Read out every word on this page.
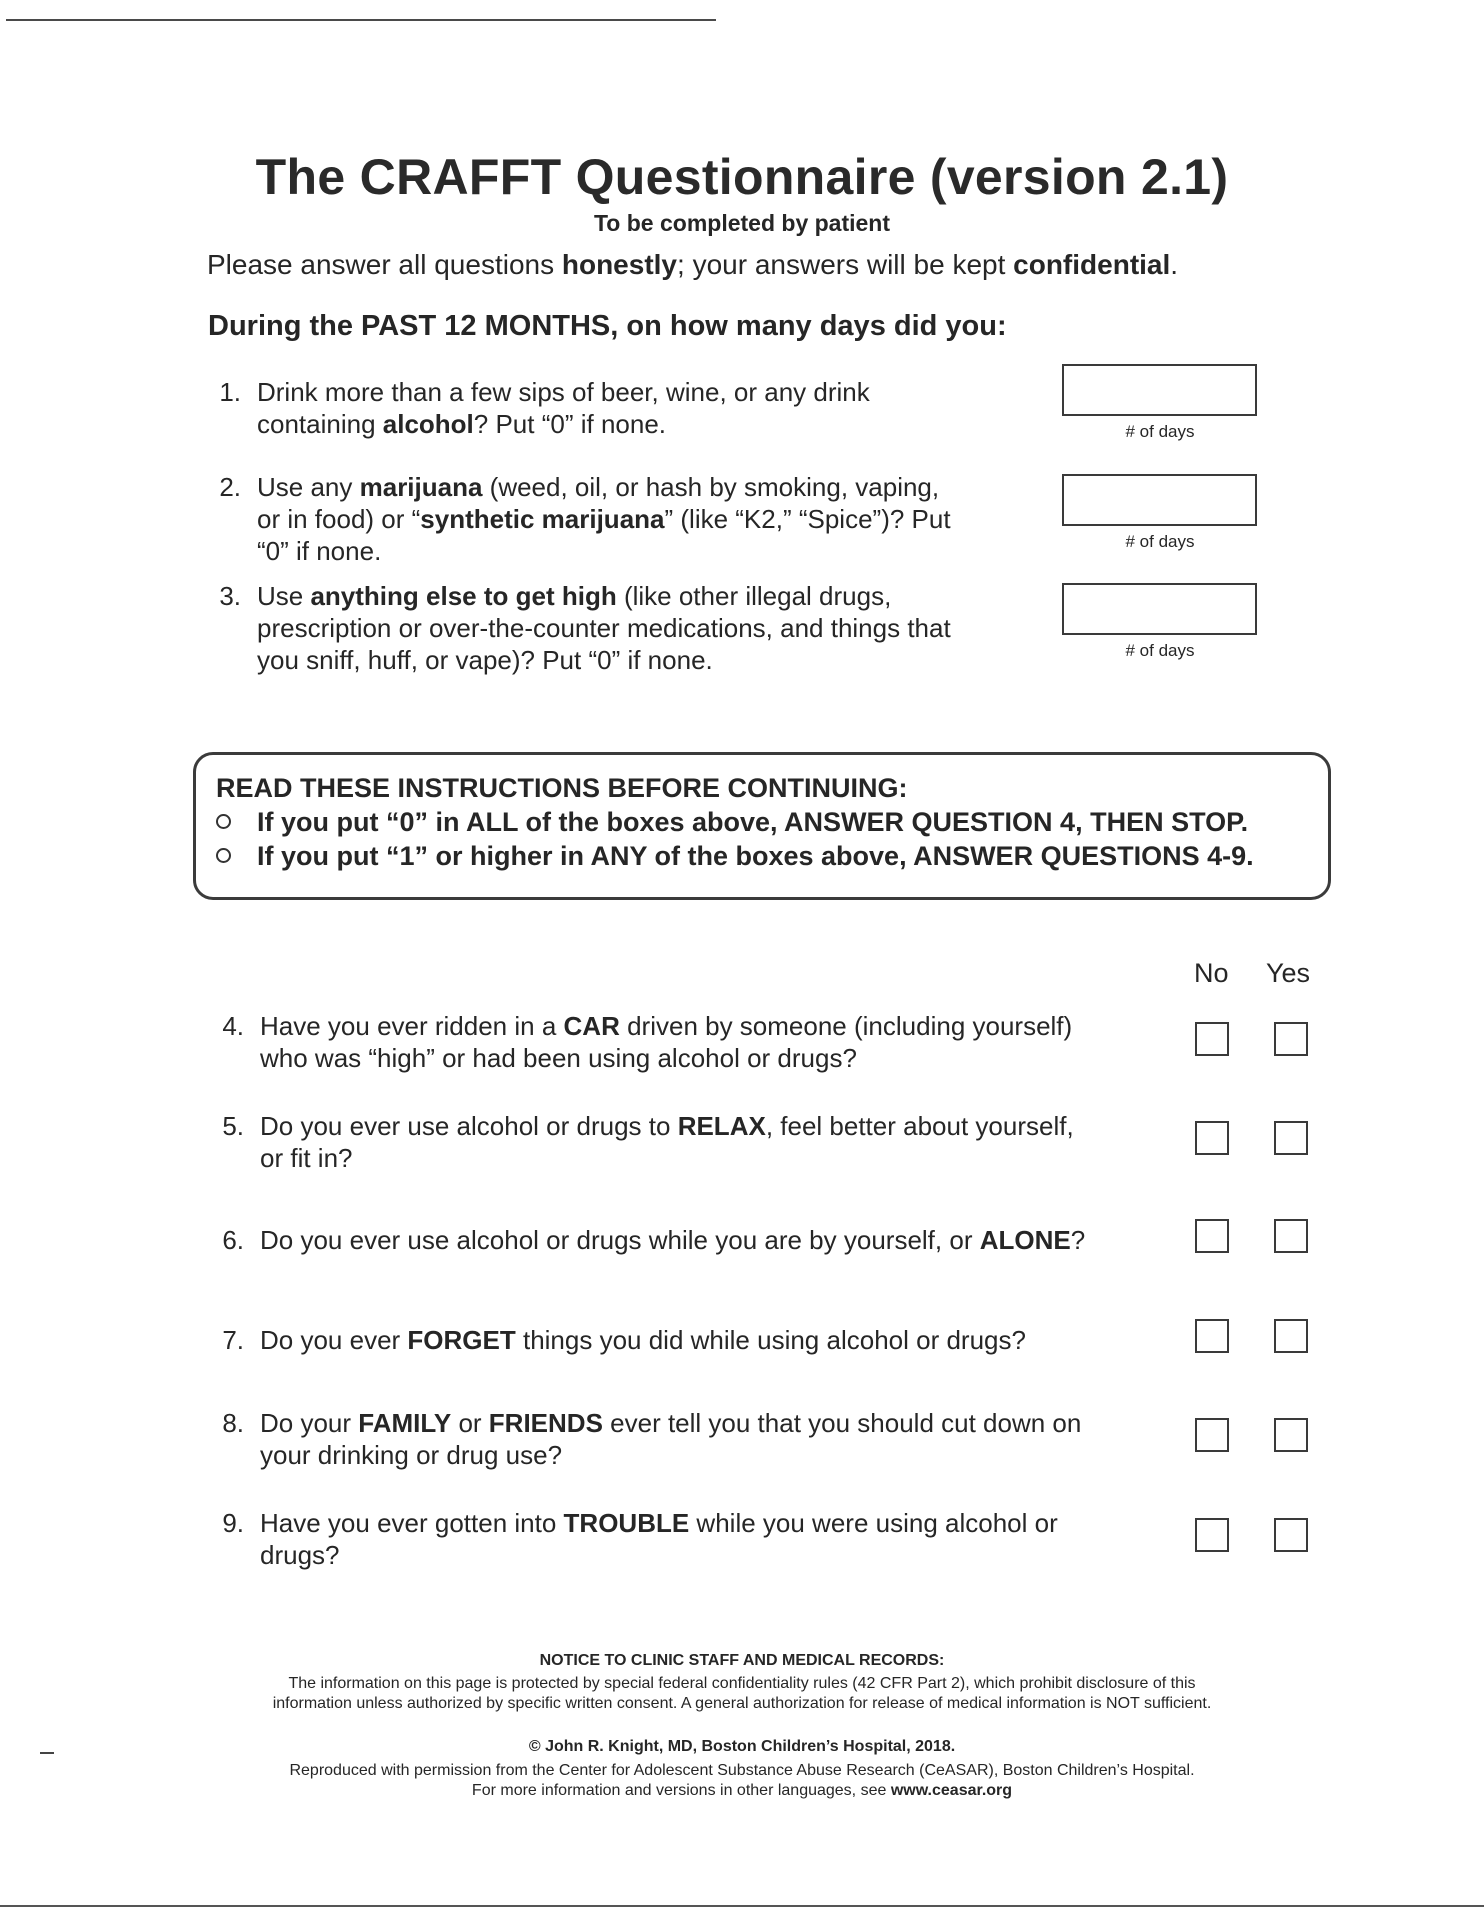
The CRAFFT Questionnaire (version 2.1)
To be completed by patient
Please answer all questions honestly; your answers will be kept confidential.
During the PAST 12 MONTHS, on how many days did you:
1. Drink more than a few sips of beer, wine, or any drink
containing alcohol? Put “0” if none.	# of days
2. Use any marijuana (weed, oil, or hash by smoking, vaping,
or in food) or “synthetic marijuana” (like “K2,” “Spice”)? Put
“0” if none.	# of days
3. Use anything else to get high (like other illegal drugs,
prescription or over-the-counter medications, and things that
you sniff, huff, or vape)? Put “0” if none.	# of days
READ THESE INSTRUCTIONS BEFORE CONTINUING:
If you put “0” in ALL of the boxes above, ANSWER QUESTION 4, THEN STOP.
If you put “1” or higher in ANY of the boxes above, ANSWER QUESTIONS 4-9.
No Yes
4. Have you ever ridden in a CAR driven by someone (including yourself)
who was “high” or had been using alcohol or drugs?
5. Do you ever use alcohol or drugs to RELAX, feel better about yourself,
or fit in?
6. Do you ever use alcohol or drugs while you are by yourself, or ALONE?
7. Do you ever FORGET things you did while using alcohol or drugs?
8. Do your FAMILY or FRIENDS ever tell you that you should cut down on
your drinking or drug use?
9. Have you ever gotten into TROUBLE while you were using alcohol or
drugs?
NOTICE TO CLINIC STAFF AND MEDICAL RECORDS:
The information on this page is protected by special federal confidentiality rules (42 CFR Part 2), which prohibit disclosure of this
information unless authorized by specific written consent. A general authorization for release of medical information is NOT sufficient.
© John R. Knight, MD, Boston Children’s Hospital, 2018.
Reproduced with permission from the Center for Adolescent Substance Abuse Research (CeASAR), Boston Children’s Hospital.
For more information and versions in other languages, see www.ceasar.org
